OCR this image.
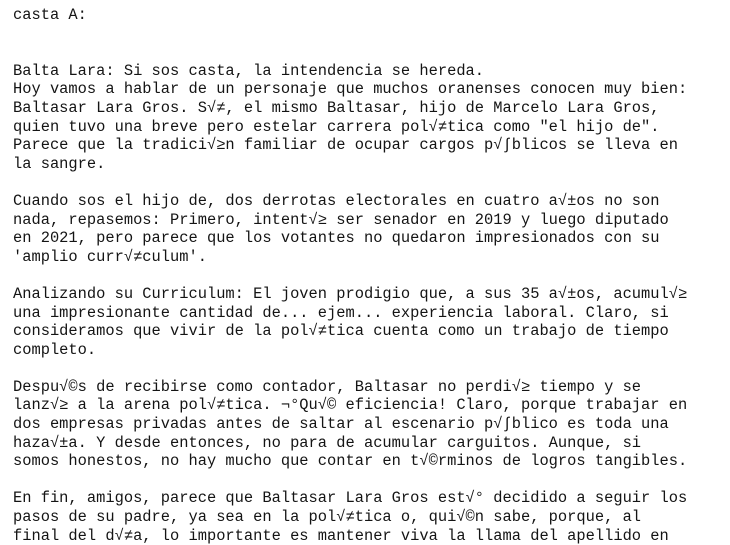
casta A:
Balta Lara: Si sos casta, la intendencia se hereda.
Hoy vamos a hablar de un personaje que muchos oranenses conocen muy bien:
Baltasar Lara Gros. S√≠, el mismo Baltasar, hijo de Marcelo Lara Gros,
quien tuvo una breve pero estelar carrera pol√≠tica como "el hijo de".
Parece que la tradici√≥n familiar de ocupar cargos p√∫blicos se lleva en
la sangre.
Cuando sos el hijo de, dos derrotas electorales en cuatro a√±os no son
nada, repasemos: Primero, intent√≥ ser senador en 2019 y luego diputado
en 2021, pero parece que los votantes no quedaron impresionados con su
'amplio curr√≠culum'.
Analizando su Curriculum: El joven prodigio que, a sus 35 a√±os, acumul√≥
una impresionante cantidad de... ejem... experiencia laboral. Claro, si
consideramos que vivir de la pol√≠tica cuenta como un trabajo de tiempo
completo.
Despu√©s de recibirse como contador, Baltasar no perdi√≥ tiempo y se
lanz√≥ a la arena pol√≠tica. ¬°Qu√© eficiencia! Claro, porque trabajar en
dos empresas privadas antes de saltar al escenario p√∫blico es toda una
haza√±a. Y desde entonces, no para de acumular carguitos. Aunque, si
somos honestos, no hay mucho que contar en t√©rminos de logros tangibles.
En fin, amigos, parece que Baltasar Lara Gros est√° decidido a seguir los
pasos de su padre, ya sea en la pol√≠tica o, qui√©n sabe, porque, al
final del d√≠a, lo importante es mantener viva la llama del apellido en
